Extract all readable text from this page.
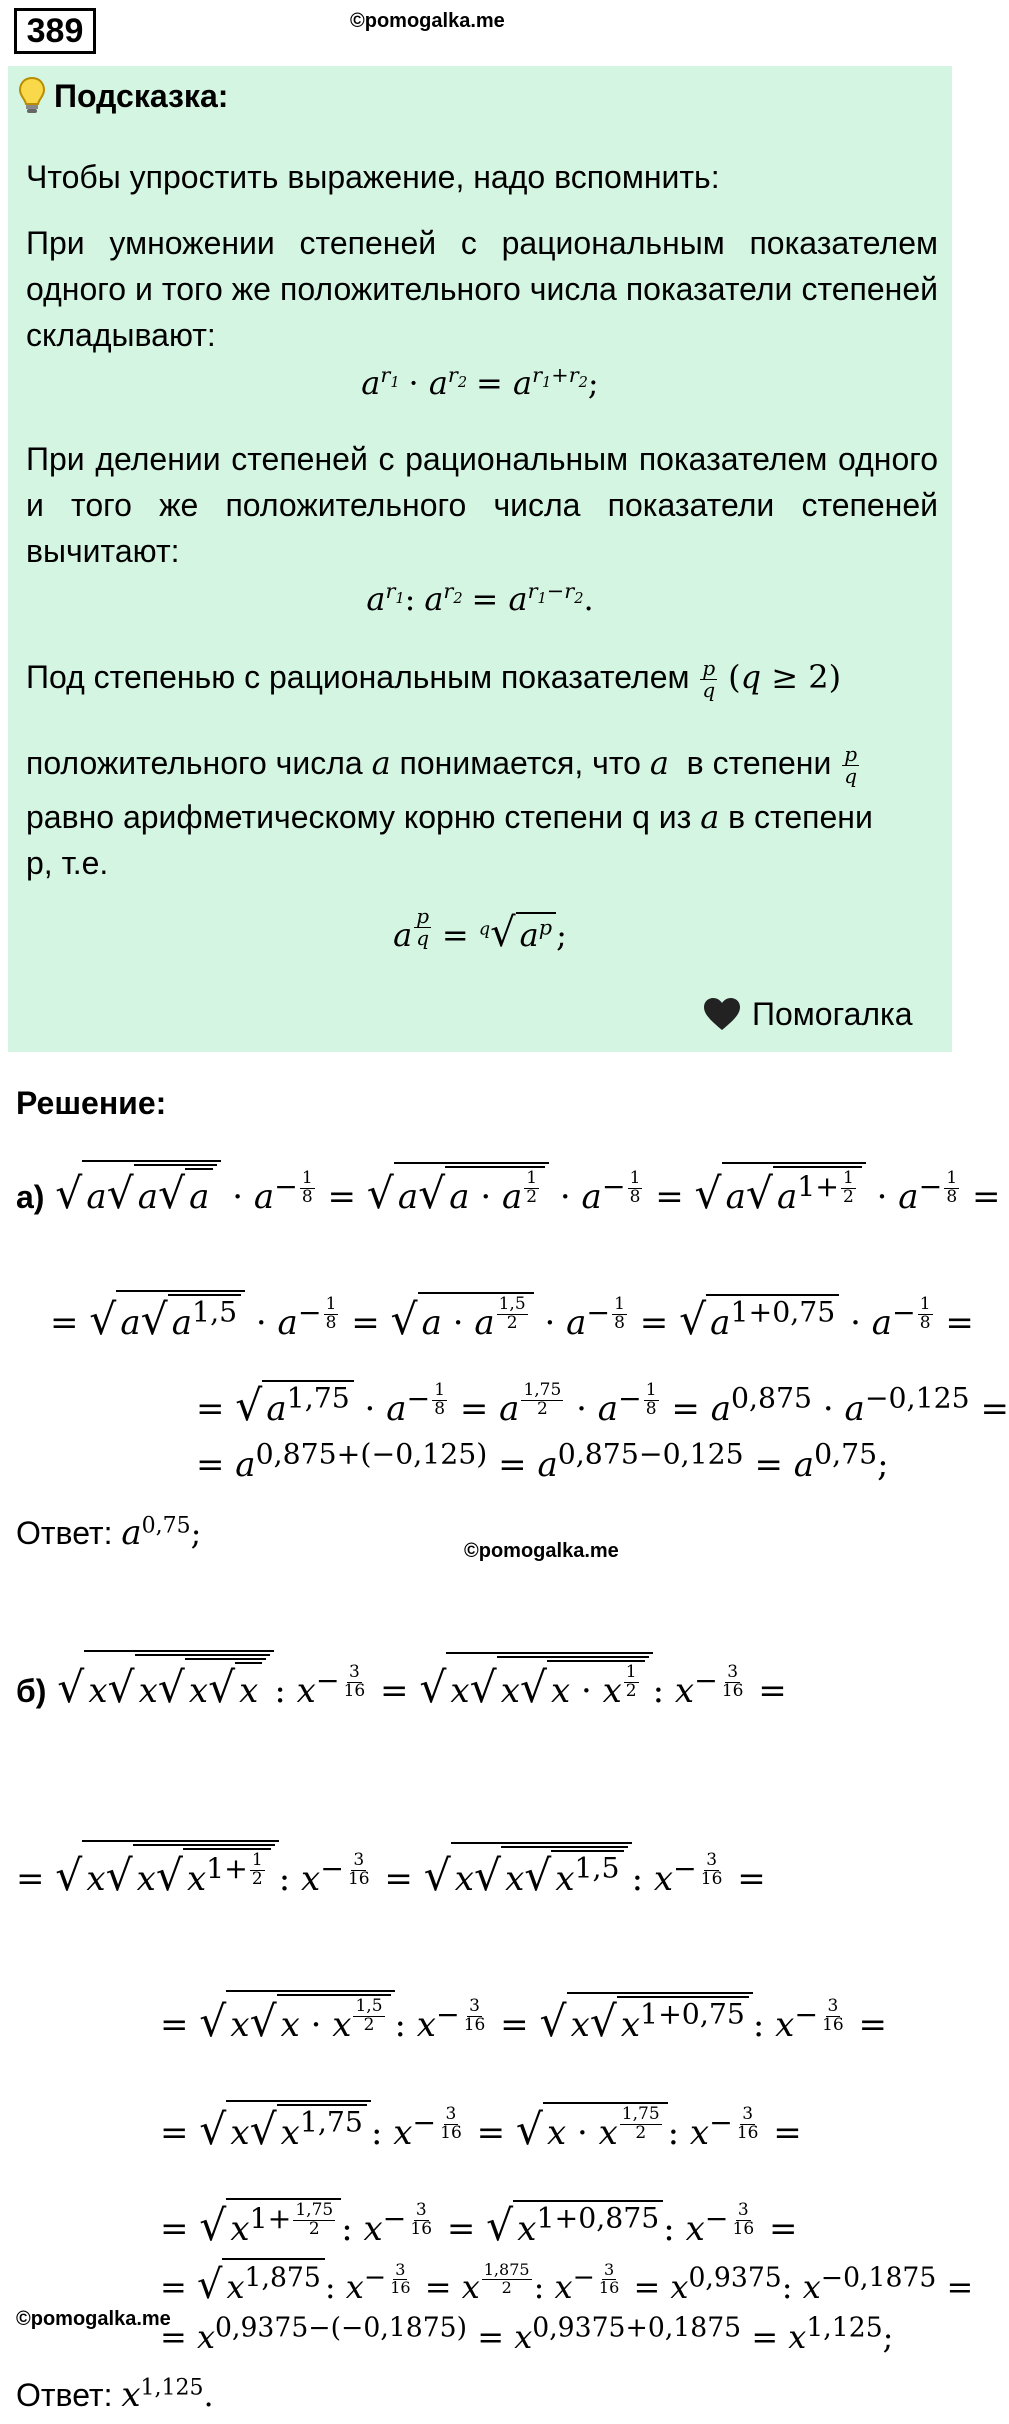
389	©pomogalka.me
Подсказка:
Чтобы упростить выражение, надо вспомнить:
При умножении степеней с рациональным показателем одного и того же положительного числа показатели степеней складывают:
$a^{r_1} \cdot a^{r_2} = a^{r_1+r_2}$;
При делении степеней с рациональным показателем одного и того же положительного числа показатели степеней вычитают:
$a^{r_1}$: $a^{r_2} = a^{r_1-r_2}$.
Под степенью с рациональным показателем $\frac{p}{q} (q \ge 2)$
положительного числа a понимается, что a в степени $\frac{p}{q}$
равно арифметическому корню степени q из a в степени
p, т.е.
a $^{\frac{p}{q}}$ = $^q$√ $a^p$ ;
Помогалка
Решение:
а) √ a√ a√ $a \cdot a^{- \frac{1}{8}}$ = √ a√ a · a $^{\frac{1}{2}} \cdot a^{- \frac{1}{8}}$ = √ a√ $a^{1+ \frac{1}{2}} \cdot a^{- \frac{1}{8}}$ =
= √ a√ $a^{1,5} \cdot a^{- \frac{1}{8}}$ = √ a · a $^{\frac{1,5}{2}} \cdot a^{- \frac{1}{8}}$ = √ $a^{1+0,75} \cdot a^{- \frac{1}{8}}$ =
= √ $a^{1,75} \cdot a^{- \frac{1}{8}} = a$ $^{\frac{1,75}{2}} \cdot a^{- \frac{1}{8}} = a^{0,875} \cdot a^{-0,125}$ =
= $a^{0,875+(-0,125)} = a^{0,875-0,125} = a^{0,75}$;
Ответ: $a^{0,75}$;	©pomogalka.me
б) √ x√ x√ x√ x : $x^{- \frac{3}{16}}$ = √ x√ x√ x · x $^{\frac{1}{2}}$ : $x^{- \frac{3}{16}}$ =
= √ x√ x√ $x^{1+ \frac{1}{2}}$ : $x^{- \frac{3}{16}}$ = √ x√ x√ $x^{1,5}$ : $x^{- \frac{3}{16}}$ =
= √ x√ x · x $^{\frac{1,5}{2}}$ : $x^{- \frac{3}{16}}$ = √ x√ $x^{1+0,75}$ : $x^{- \frac{3}{16}}$ =
= √ x√ $x^{1,75}$ : $x^{- \frac{3}{16}}$ = √ x · x $^{\frac{1,75}{2}}$ : $x^{- \frac{3}{16}}$ =
= √ $x^{1+ \frac{1,75}{2}}$ : $x^{- \frac{3}{16}}$ = √ $x^{1+0,875}$ : $x^{- \frac{3}{16}}$ =
= √ $x^{1,875}$ : $x^{- \frac{3}{16}} = x$ $^{\frac{1,875}{2}}$ : $x^{- \frac{3}{16}} = x^{0,9375}$: $x^{-0,1875}$ =
= $x^{0,9375-(-0,1875)} = x^{0,9375+0,1875} = x^{1,125}$;
©pomogalka.me
Ответ: $x^{1,125}$.
